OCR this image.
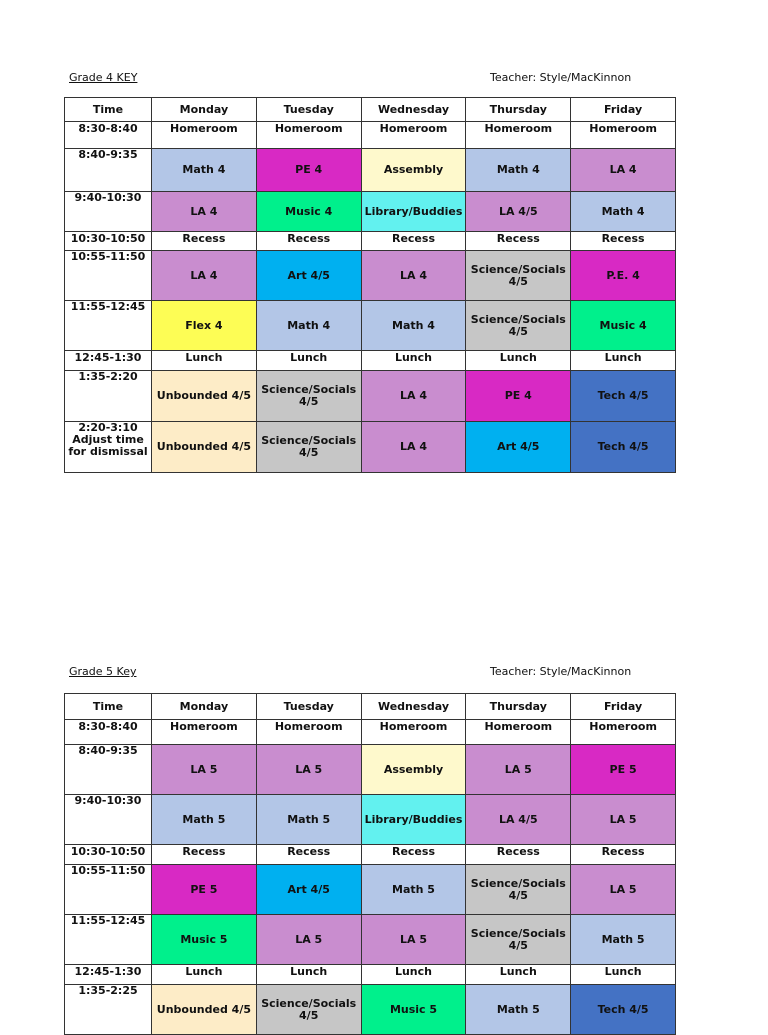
Grade 4 KEY	Teacher: Style/MacKinnon
Time	Monday	Tuesday	Wednesday	Thursday	Friday
8:30-8:40	Homeroom	Homeroom	Homeroom	Homeroom	Homeroom
8:40-9:35	Math 4	PE 4	Assembly	Math 4	LA 4
9:40-10:30	LA 4	Music 4	Library/Buddies	LA 4/5	Math 4
10:30-10:50	Recess	Recess	Recess	Recess	Recess
10:55-11:50	LA 4	Art 4/5	LA 4	Science/Socials 4/5	P.E. 4
11:55-12:45	Flex 4	Math 4	Math 4	Science/Socials 4/5	Music 4
12:45-1:30	Lunch	Lunch	Lunch	Lunch	Lunch
1:35-2:20	Unbounded 4/5	Science/Socials 4/5	LA 4	PE 4	Tech 4/5
2:20-3:10 Adjust time for dismissal	Unbounded 4/5	Science/Socials 4/5	LA 4	Art 4/5	Tech 4/5
Grade 5 Key	Teacher: Style/MacKinnon
Time	Monday	Tuesday	Wednesday	Thursday	Friday
8:30-8:40	Homeroom	Homeroom	Homeroom	Homeroom	Homeroom
8:40-9:35	LA 5	LA 5	Assembly	LA 5	PE 5
9:40-10:30	Math 5	Math 5	Library/Buddies	LA 4/5	LA 5
10:30-10:50	Recess	Recess	Recess	Recess	Recess
10:55-11:50	PE 5	Art 4/5	Math 5	Science/Socials 4/5	LA 5
11:55-12:45	Music 5	LA 5	LA 5	Science/Socials 4/5	Math 5
12:45-1:30	Lunch	Lunch	Lunch	Lunch	Lunch
1:35-2:25	Unbounded 4/5	Science/Socials 4/5	Music 5	Math 5	Tech 4/5
